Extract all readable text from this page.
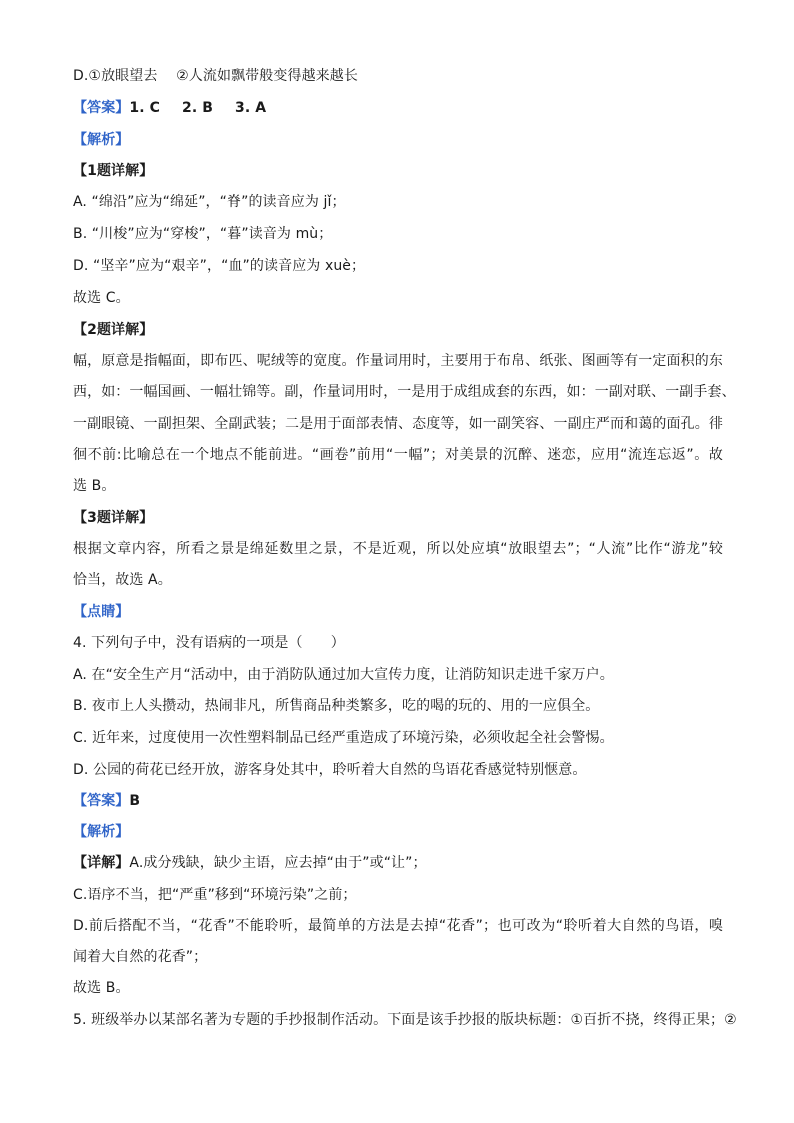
D.①放眼望去　 ②人流如飘带般变得越来越长
【答案】1. C 2. B 3. A
【解析】
【1题详解】
A. “绵沿”应为“绵延”，“脊”的读音应为 jǐ；
B. “川梭”应为“穿梭”，“暮”读音为 mù；
D. “坚辛”应为“艰辛”，“血”的读音应为 xuè；
故选 C。
【2题详解】
幅，原意是指幅面，即布匹、呢绒等的宽度。作量词用时，主要用于布帛、纸张、图画等有一定面积的东
西，如：一幅国画、一幅壮锦等。副，作量词用时，一是用于成组成套的东西，如：一副对联、一副手套、
一副眼镜、一副担架、全副武装；二是用于面部表情、态度等，如一副笑容、一副庄严而和蔼的面孔。徘
徊不前:比喻总在一个地点不能前进。“画卷”前用“一幅”；对美景的沉醉、迷恋，应用“流连忘返”。故
选 B。
【3题详解】
根据文章内容，所看之景是绵延数里之景，不是近观，所以处应填“放眼望去”；“人流”比作“游龙”较
恰当，故选 A。
【点睛】
4. 下列句子中，没有语病的一项是（　　）
A. 在“安全生产月“活动中，由于消防队通过加大宣传力度，让消防知识走进千家万户。
B. 夜市上人头攒动，热闹非凡，所售商品种类繁多，吃的喝的玩的、用的一应俱全。
C. 近年来，过度使用一次性塑料制品已经严重造成了环境污染，必须收起全社会警惕。
D. 公园的荷花已经开放，游客身处其中，聆听着大自然的鸟语花香感觉特别惬意。
【答案】B
【解析】
【详解】A.成分残缺，缺少主语，应去掉“由于”或“让”；
C.语序不当，把“严重”移到“环境污染”之前；
D.前后搭配不当，“花香”不能聆听，最简单的方法是去掉“花香”；也可改为“聆听着大自然的鸟语，嗅
闻着大自然的花香”；
故选 B。
5. 班级举办以某部名著为专题的手抄报制作活动。下面是该手抄报的版块标题：①百折不挠，终得正果；②
